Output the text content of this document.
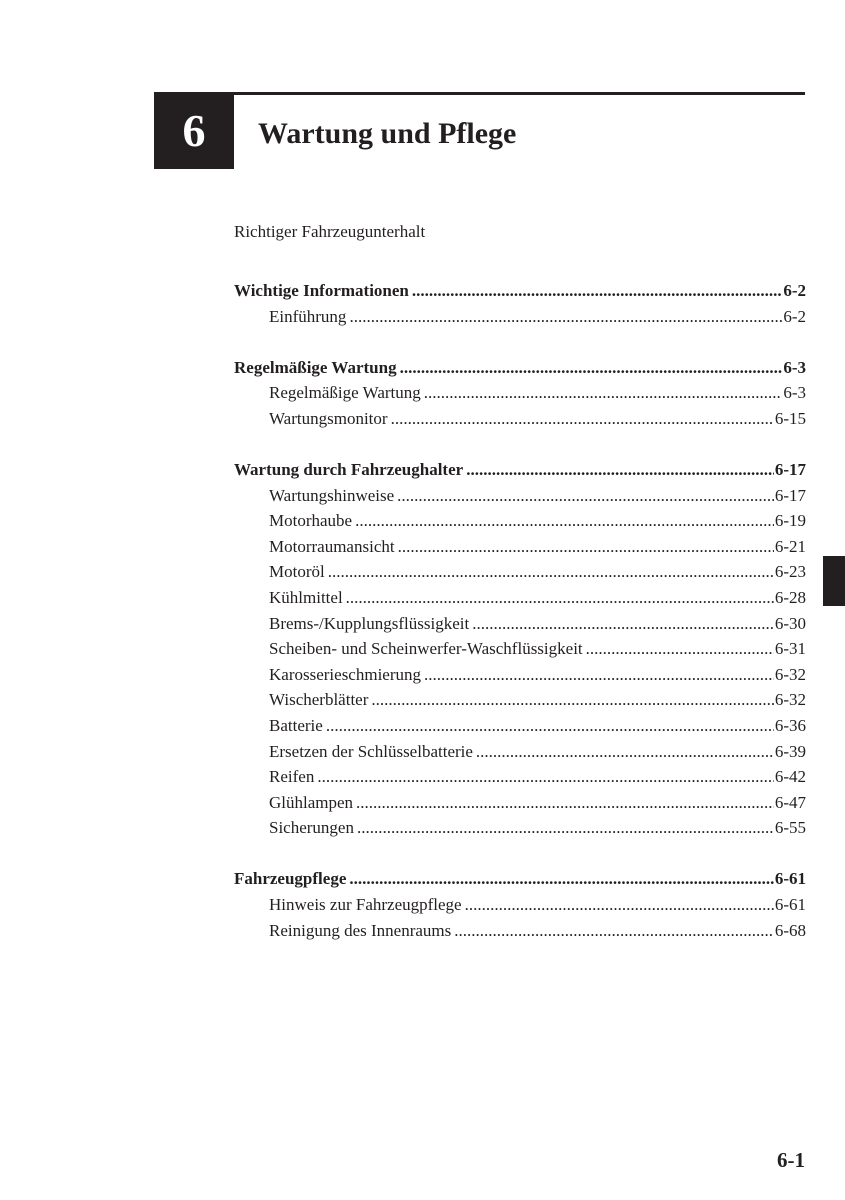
6	Wartung und Pflege
Richtiger Fahrzeugunterhalt
Wichtige Informationen .....	6-2
Einführung .....	6-2
Regelmäßige Wartung .....	6-3
Regelmäßige Wartung .....	6-3
Wartungsmonitor .....	6-15
Wartung durch Fahrzeughalter .....	6-17
Wartungshinweise .....	6-17
Motorhaube .....	6-19
Motorraumansicht .....	6-21
Motoröl .....	6-23
Kühlmittel .....	6-28
Brems-/Kupplungsflüssigkeit .....	6-30
Scheiben- und Scheinwerfer-Waschflüssigkeit .....	6-31
Karosserieschmierung .....	6-32
Wischerblätter .....	6-32
Batterie .....	6-36
Ersetzen der Schlüsselbatterie .....	6-39
Reifen .....	6-42
Glühlampen .....	6-47
Sicherungen .....	6-55
Fahrzeugpflege .....	6-61
Hinweis zur Fahrzeugpflege .....	6-61
Reinigung des Innenraums .....	6-68
6-1
